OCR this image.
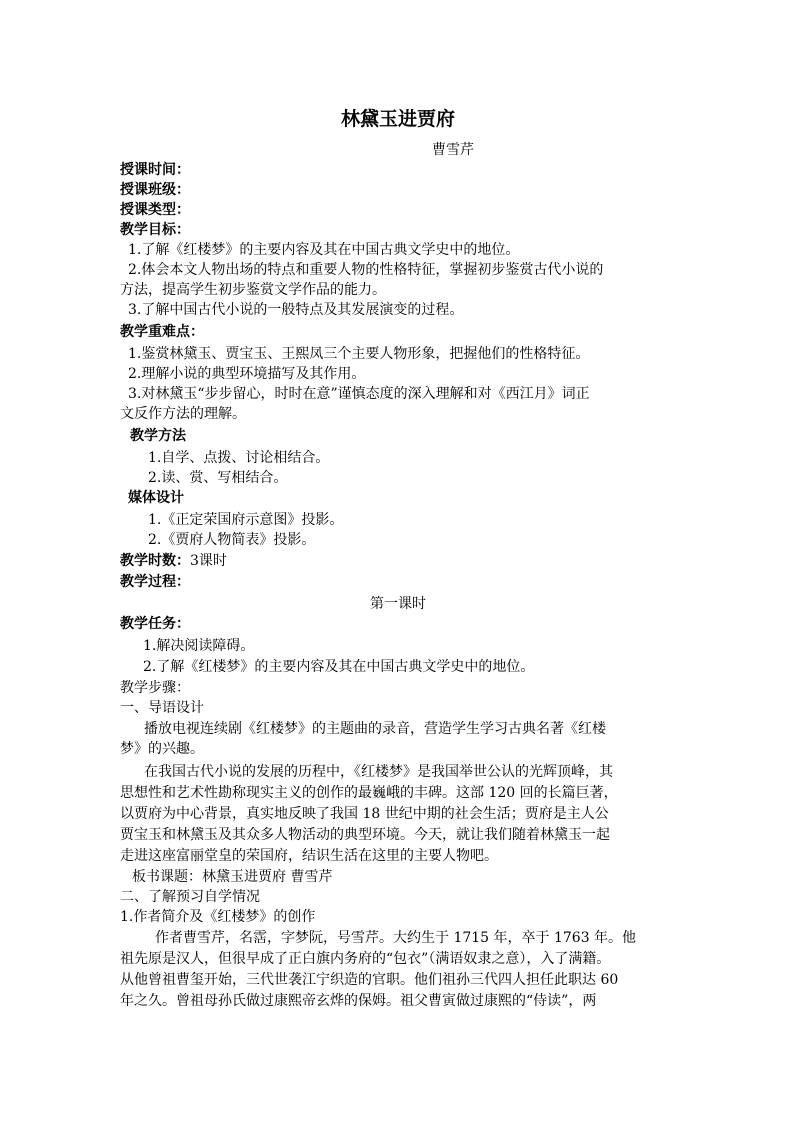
林黛玉进贾府
曹雪芹
授课时间：
授课班级：
授课类型：
教学目标：
1.了解《红楼梦》的主要内容及其在中国古典文学史中的地位。
2.体会本文人物出场的特点和重要人物的性格特征，掌握初步鉴赏古代小说的
方法，提高学生初步鉴赏文学作品的能力。
3.了解中国古代小说的一般特点及其发展演变的过程。
教学重难点：
1.鉴赏林黛玉、贾宝玉、王熙凤三个主要人物形象，把握他们的性格特征。
2.理解小说的典型环境描写及其作用。
3.对林黛玉“步步留心，时时在意”谨慎态度的深入理解和对《西江月》词正
文反作方法的理解。
教学方法
1.自学、点拨、讨论相结合。
2.读、赏、写相结合。
媒体设计
1.《正定荣国府示意图》投影。
2.《贾府人物简表》投影。
教学时数：3课时
教学过程：
第一课时
教学任务：
1.解决阅读障碍。
2.了解《红楼梦》的主要内容及其在中国古典文学史中的地位。
教学步骤：
一、导语设计
播放电视连续剧《红楼梦》的主题曲的录音，营造学生学习古典名著《红楼
梦》的兴趣。
在我国古代小说的发展的历程中，《红楼梦》是我国举世公认的光辉顶峰，其
思想性和艺术性勘称现实主义的创作的最巍峨的丰碑。这部 120 回的长篇巨著，
以贾府为中心背景，真实地反映了我国 18 世纪中期的社会生活；贾府是主人公
贾宝玉和林黛玉及其众多人物活动的典型环境。今天，就让我们随着林黛玉一起
走进这座富丽堂皇的荣国府，结识生活在这里的主要人物吧。
板书课题：林黛玉进贾府 曹雪芹
二、了解预习自学情况
1.作者简介及《红楼梦》的创作
作者曹雪芹，名霑，字梦阮，号雪芹。大约生于 1715 年，卒于 1763 年。他
祖先原是汉人，但很早成了正白旗内务府的“包衣”（满语奴隶之意），入了满籍。
从他曾祖曹玺开始，三代世袭江宁织造的官职。他们祖孙三代四人担任此职达 60
年之久。曾祖母孙氏做过康熙帝玄烨的保姆。祖父曹寅做过康熙的“侍读”，两
